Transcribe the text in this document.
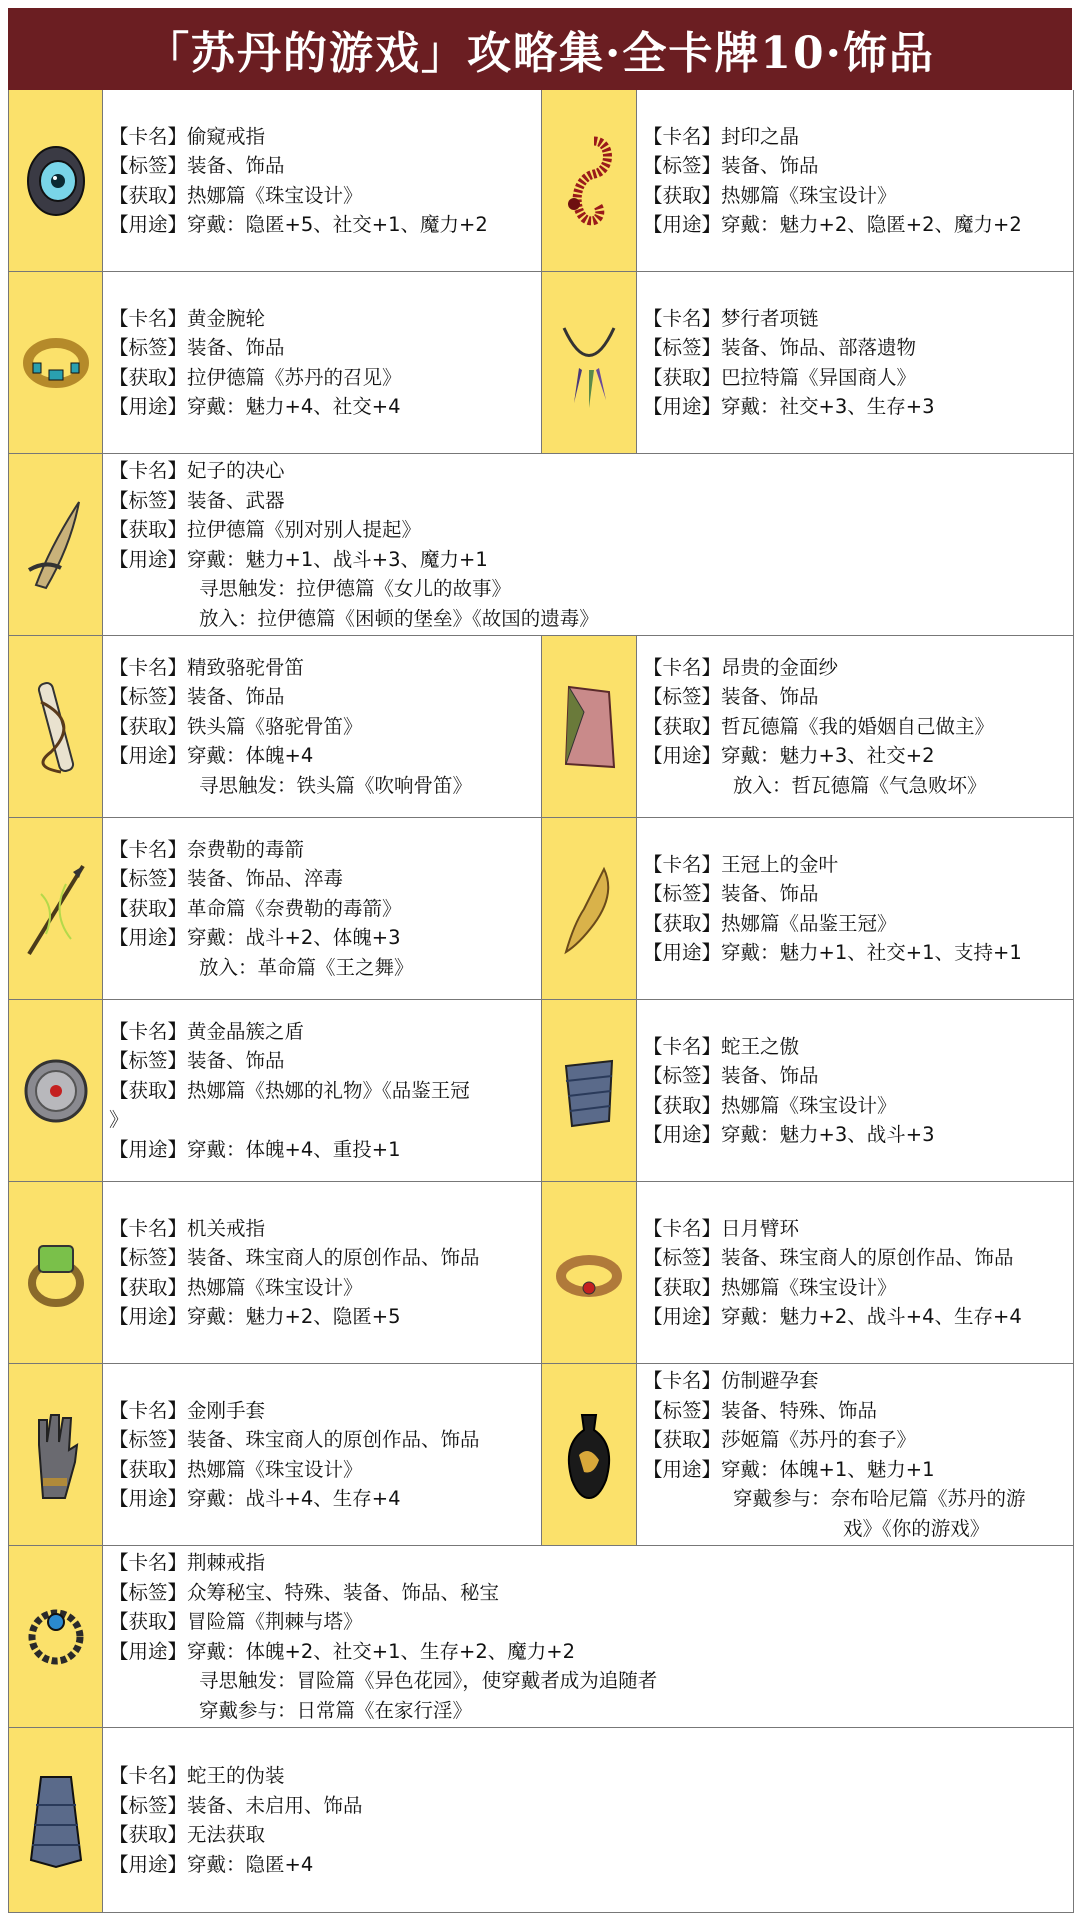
「苏丹的游戏」攻略集·全卡牌10·饰品
【卡名】 偷窥戒指
【标签】 装备、饰品
【获取】 热娜篇《珠宝设计》
【用途】 穿戴：隐匿+5、社交+1、魔力+2
【卡名】 封印之晶
【标签】 装备、饰品
【获取】 热娜篇《珠宝设计》
【用途】 穿戴：魅力+2、隐匿+2、魔力+2
【卡名】 黄金腕轮
【标签】 装备、饰品
【获取】 拉伊德篇《苏丹的召见》
【用途】 穿戴：魅力+4、社交+4
【卡名】 梦行者项链
【标签】 装备、饰品、部落遗物
【获取】 巴拉特篇《异国商人》
【用途】 穿戴：社交+3、生存+3
【卡名】 妃子的决心
【标签】 装备、武器
【获取】 拉伊德篇《别对别人提起》
【用途】 穿戴：魅力+1、战斗+3、魔力+1
寻思触发：拉伊德篇《女儿的故事》
放入：拉伊德篇《困顿的堡垒》《故国的遗毒》
【卡名】 精致骆驼骨笛
【标签】 装备、饰品
【获取】 铁头篇《骆驼骨笛》
【用途】 穿戴：体魄+4
寻思触发：铁头篇《吹响骨笛》
【卡名】 昂贵的金面纱
【标签】 装备、饰品
【获取】 哲瓦德篇《我的婚姻自己做主》
【用途】 穿戴：魅力+3、社交+2
放入：哲瓦德篇《气急败坏》
【卡名】 奈费勒的毒箭
【标签】 装备、饰品、淬毒
【获取】 革命篇《奈费勒的毒箭》
【用途】 穿戴：战斗+2、体魄+3
放入：革命篇《王之舞》
【卡名】 王冠上的金叶
【标签】 装备、饰品
【获取】 热娜篇《品鉴王冠》
【用途】 穿戴：魅力+1、社交+1、支持+1
【卡名】 黄金晶簇之盾
【标签】 装备、饰品
【获取】 热娜篇《热娜的礼物》《品鉴王冠
》
【用途】 穿戴：体魄+4、重投+1
【卡名】 蛇王之傲
【标签】 装备、饰品
【获取】 热娜篇《珠宝设计》
【用途】 穿戴：魅力+3、战斗+3
【卡名】 机关戒指
【标签】 装备、珠宝商人的原创作品、饰品
【获取】 热娜篇《珠宝设计》
【用途】 穿戴：魅力+2、隐匿+5
【卡名】 日月臂环
【标签】 装备、珠宝商人的原创作品、饰品
【获取】 热娜篇《珠宝设计》
【用途】 穿戴：魅力+2、战斗+4、生存+4
【卡名】 金刚手套
【标签】 装备、珠宝商人的原创作品、饰品
【获取】 热娜篇《珠宝设计》
【用途】 穿戴：战斗+4、生存+4
【卡名】 仿制避孕套
【标签】 装备、特殊、饰品
【获取】 莎姬篇《苏丹的套子》
【用途】 穿戴：体魄+1、魅力+1
穿戴参与：奈布哈尼篇《苏丹的游
戏》《你的游戏》
【卡名】 荆棘戒指
【标签】 众筹秘宝、特殊、装备、饰品、秘宝
【获取】 冒险篇《荆棘与塔》
【用途】 穿戴：体魄+2、社交+1、生存+2、魔力+2
寻思触发：冒险篇《异色花园》，使穿戴者成为追随者
穿戴参与：日常篇《在家行淫》
【卡名】 蛇王的伪装
【标签】 装备、未启用、饰品
【获取】 无法获取
【用途】 穿戴：隐匿+4
